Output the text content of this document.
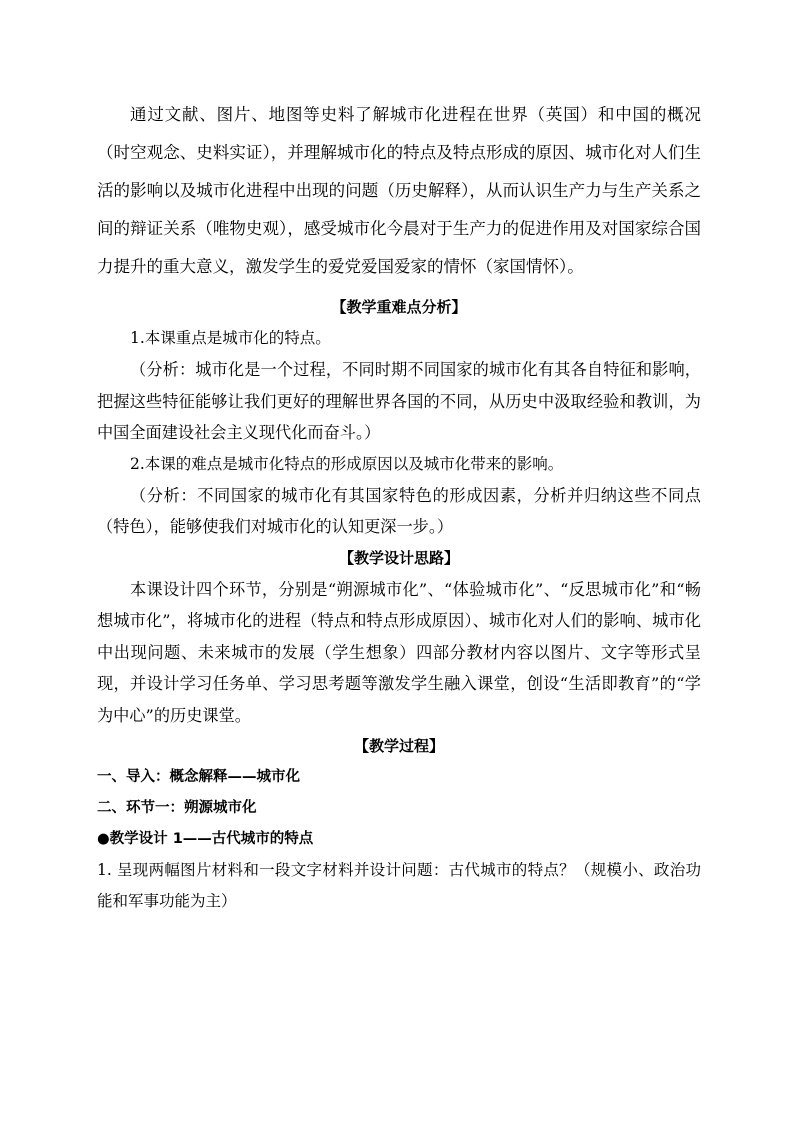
通过文献、图片、地图等史料了解城市化进程在世界（英国）和中国的概况（时空观念、史料实证），并理解城市化的特点及特点形成的原因、城市化对人们生活的影响以及城市化进程中出现的问题（历史解释），从而认识生产力与生产关系之间的辩证关系（唯物史观），感受城市化今晨对于生产力的促进作用及对国家综合国力提升的重大意义，激发学生的爱党爱国爱家的情怀（家国情怀）。

【教学重难点分析】

1.本课重点是城市化的特点。

（分析：城市化是一个过程，不同时期不同国家的城市化有其各自特征和影响，把握这些特征能够让我们更好的理解世界各国的不同，从历史中汲取经验和教训，为中国全面建设社会主义现代化而奋斗。）

2.本课的难点是城市化特点的形成原因以及城市化带来的影响。

（分析：不同国家的城市化有其国家特色的形成因素，分析并归纳这些不同点（特色），能够使我们对城市化的认知更深一步。）

【教学设计思路】

本课设计四个环节，分别是“朔源城市化”、“体验城市化”、“反思城市化”和“畅想城市化”，将城市化的进程（特点和特点形成原因）、城市化对人们的影响、城市化中出现问题、未来城市的发展（学生想象）四部分教材内容以图片、文字等形式呈现，并设计学习任务单、学习思考题等激发学生融入课堂，创设“生活即教育”的“学为中心”的历史课堂。

【教学过程】

一、导入：概念解释——城市化

二、环节一：朔源城市化

●教学设计 1——古代城市的特点

1. 呈现两幅图片材料和一段文字材料并设计问题：古代城市的特点？（规模小、政治功能和军事功能为主）
